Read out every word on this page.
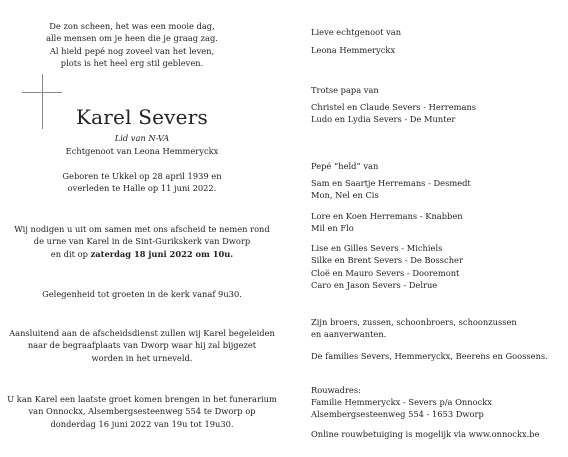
De zon scheen, het was een mooie dag,

alle mensen om je heen die je graag zag.

Al hield pepé nog zoveel van het leven,

plots is het heel erg stil gebleven.

Karel Severs
Lid van N-VA
Echtgenoot van Leona Hemmeryckx

Geboren te Ukkel op 28 april 1939 en

overleden te Halle op 11 juni 2022.

Wij nodigen u uit om samen met ons afscheid te nemen rond

de urne van Karel in de Sint-Gurikskerk van Dworp

en dit op zaterdag 18 juni 2022 om 10u.

Gelegenheid tot groeten in de kerk vanaf 9u30.

Aansluitend aan de afscheidsdienst zullen wij Karel begeleiden

naar de begraafplaats van Dworp waar hij zal bijgezet

worden in het urneveld.

U kan Karel een laatste groet komen brengen in het funerarium

van Onnockx, Alsembergsesteenweg 554 te Dworp op

donderdag 16 juni 2022 van 19u tot 19u30.

Lieve echtgenoot van
Leona Hemmeryckx
Trotse papa van

Christel en Claude Severs - Herremans

Ludo en Lydia Severs - De Munter

Pepé “held” van

Sam en Saartje Herremans - Desmedt

Mon, Nel en Cis

Lore en Koen Herremans - Knabben

Mil en Flo

Lise en Gilles Severs - Michiels

Silke en Brent Severs - De Bosscher

Cloë en Mauro Severs - Dooremont

Caro en Jason Severs - Delrue

Zijn broers, zussen, schoonbroers, schoonzussen

en aanverwanten.

De families Severs, Hemmeryckx, Beerens en Goossens.
Rouwadres:

Familie Hemmeryckx - Severs p/a Onnockx

Alsembergsesteenweg 554 - 1653 Dworp

Online rouwbetuiging is mogelijk via www.onnockx.be
